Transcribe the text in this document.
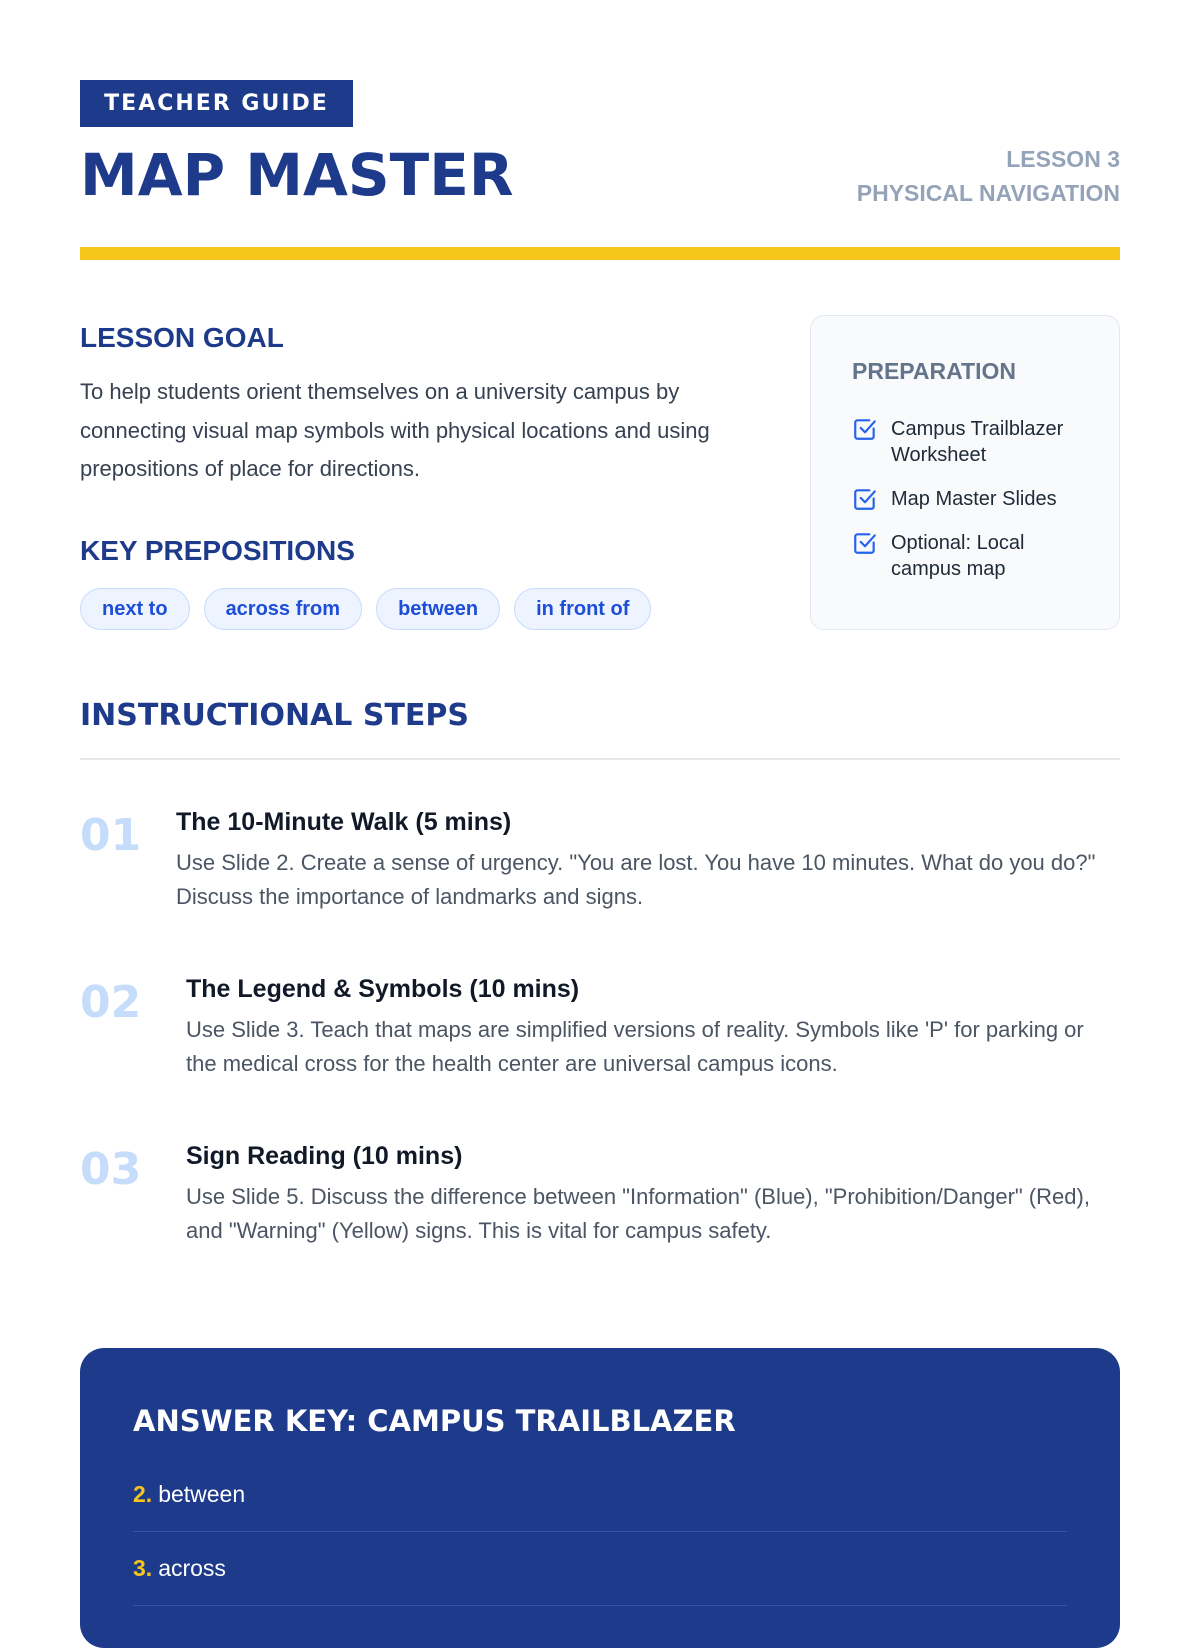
TEACHER GUIDE
MAP MASTER	LESSON 3
PHYSICAL NAVIGATION
LESSON GOAL

To help students orient themselves on a university campus by connecting visual map symbols with physical locations and using prepositions of place for directions.

KEY PREPOSITIONS
next to	across from	between	in front of
PREPARATION
Campus Trailblazer Worksheet
Map Master Slides
Optional: Local campus map
INSTRUCTIONAL STEPS
01 The 10-Minute Walk (5 mins)

Use Slide 2. Create a sense of urgency. "You are lost. You have 10 minutes. What do you do?" Discuss the importance of landmarks and signs.

02 The Legend & Symbols (10 mins)

Use Slide 3. Teach that maps are simplified versions of reality. Symbols like 'P' for parking or the medical cross for the health center are universal campus icons.

03 Sign Reading (10 mins)

Use Slide 5. Discuss the difference between "Information" (Blue), "Prohibition/Danger" (Red), and "Warning" (Yellow) signs. This is vital for campus safety.

ANSWER KEY: CAMPUS TRAILBLAZER
2. between
3. across
